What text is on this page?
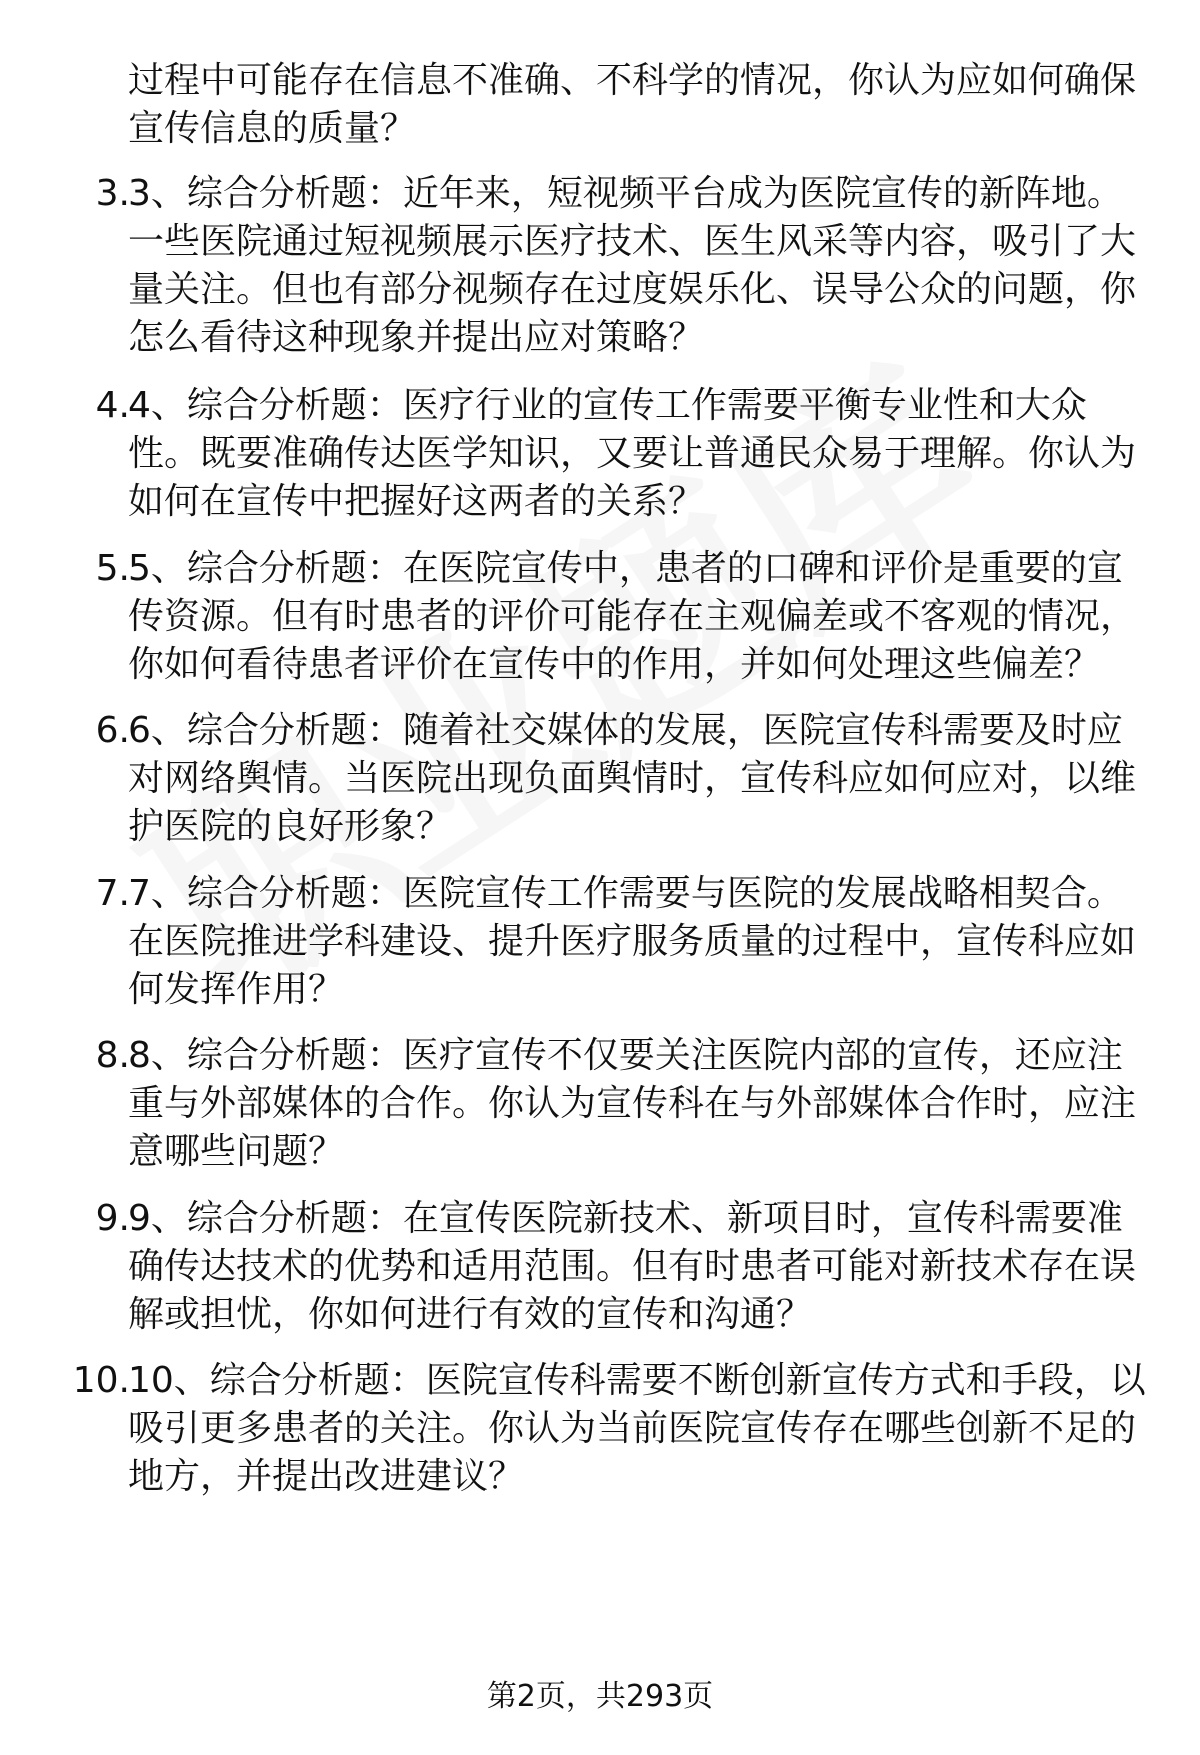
过程中可能存在信息不准确、不科学的情况，你认为应如何确保宣传信息的质量？
3.
3、综合分析题：近年来，短视频平台成为医院宣传的新阵地。一些医院通过短视频展示医疗技术、医生风采等内容，吸引了大量关注。但也有部分视频存在过度娱乐化、误导公众的问题，你怎么看待这种现象并提出应对策略？
4.
4、综合分析题：医疗行业的宣传工作需要平衡专业性和大众性。既要准确传达医学知识，又要让普通民众易于理解。你认为如何在宣传中把握好这两者的关系？
5.
5、综合分析题：在医院宣传中，患者的口碑和评价是重要的宣传资源。但有时患者的评价可能存在主观偏差或不客观的情况，你如何看待患者评价在宣传中的作用，并如何处理这些偏差？
6.
6、综合分析题：随着社交媒体的发展，医院宣传科需要及时应对网络舆情。当医院出现负面舆情时，宣传科应如何应对，以维护医院的良好形象？
7.
7、综合分析题：医院宣传工作需要与医院的发展战略相契合。在医院推进学科建设、提升医疗服务质量的过程中，宣传科应如何发挥作用？
8.
8、综合分析题：医疗宣传不仅要关注医院内部的宣传，还应注重与外部媒体的合作。你认为宣传科在与外部媒体合作时，应注意哪些问题？
9.
9、综合分析题：在宣传医院新技术、新项目时，宣传科需要准确传达技术的优势和适用范围。但有时患者可能对新技术存在误解或担忧，你如何进行有效的宣传和沟通？
10.
10、综合分析题：医院宣传科需要不断创新宣传方式和手段，以吸引更多患者的关注。你认为当前医院宣传存在哪些创新不足的地方，并提出改进建议？
第2页，共293页
